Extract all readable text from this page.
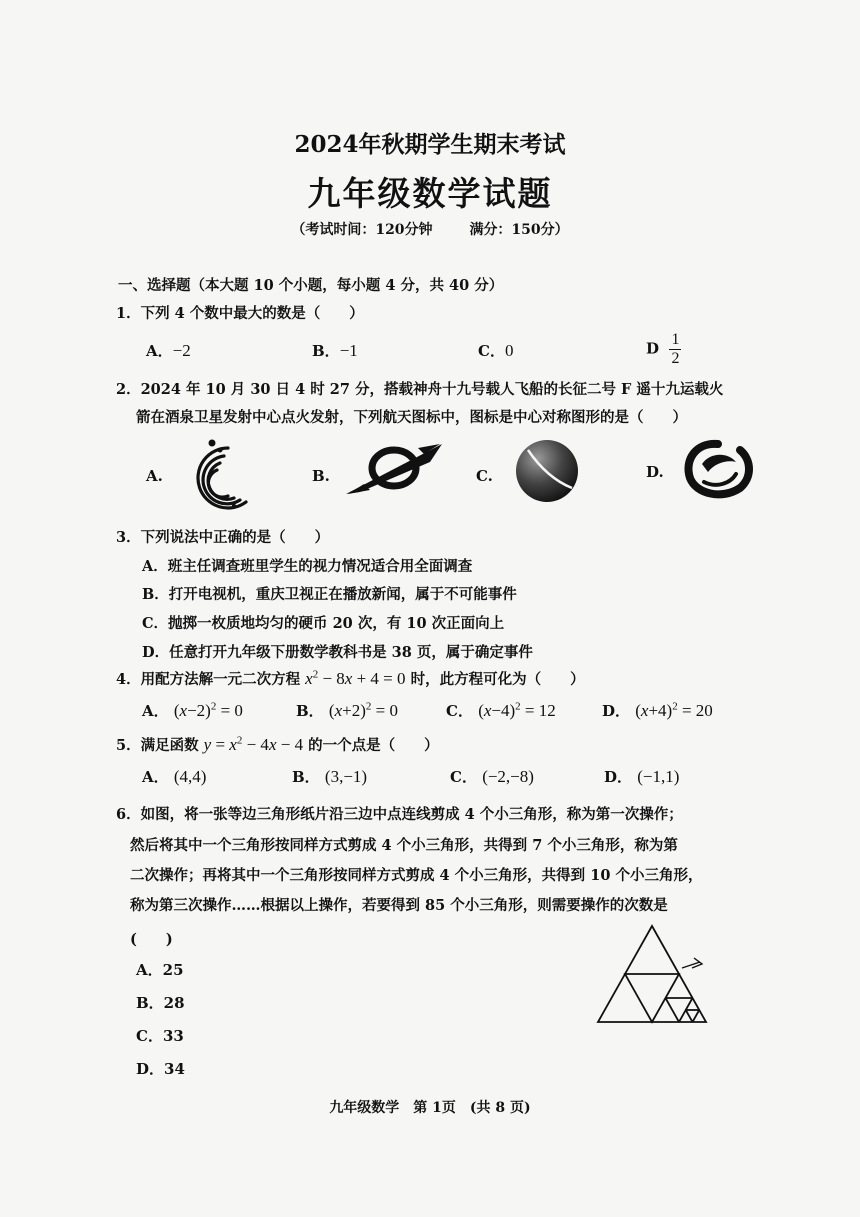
2024年秋期学生期末考试
九年级数学试题
（考试时间：120分钟	满分：150分）
一、选择题（本大题 10 个小题，每小题 4 分，共 40 分）
1．下列 4 个数中最大的数是（　　）
A．−2	B．−1	C．0	D $\frac{1}{2}$
2．2024 年 10 月 30 日 4 时 27 分，搭载神舟十九号载人飞船的长征二号 F 遥十九运载火
箭在酒泉卫星发射中心点火发射，下列航天图标中，图标是中心对称图形的是（　　）
A.	B.	C.	D.
3．下列说法中正确的是（　　）
A．班主任调查班里学生的视力情况适合用全面调查
B．打开电视机，重庆卫视正在播放新闻，属于不可能事件
C．抛掷一枚质地均匀的硬币 20 次，有 10 次正面向上
D．任意打开九年级下册数学教科书是 38 页，属于确定事件
4．用配方法解一元二次方程 $x^2 - 8x + 4 = 0$ 时，此方程可化为（　　）
A． $(x-2)^2 = 0$	B． $(x+2)^2 = 0$	C． $(x-4)^2 = 12$	D． $(x+4)^2 = 20$
5．满足函数 $y = x^2 - 4x - 4$ 的一个点是（　　）
A． (4,4)	B． (3,−1)	C． (−2,−8)	D． (−1,1)
6．如图，将一张等边三角形纸片沿三边中点连线剪成 4 个小三角形，称为第一次操作；
然后将其中一个三角形按同样方式剪成 4 个小三角形，共得到 7 个小三角形，称为第
二次操作；再将其中一个三角形按同样方式剪成 4 个小三角形，共得到 10 个小三角形，
称为第三次操作……根据以上操作，若要得到 85 个小三角形，则需要操作的次数是
(　　)
A．25
B．28
C．33
D．34
九年级数学　第 1页　(共 8 页)
